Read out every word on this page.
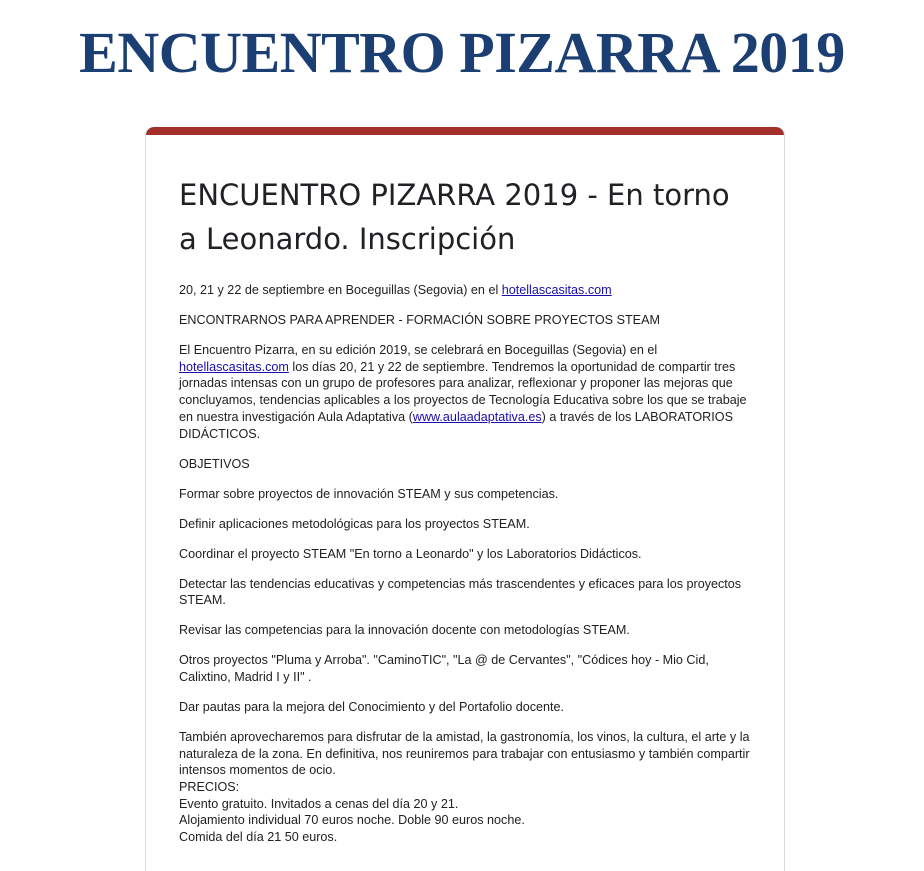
ENCUENTRO PIZARRA 2019
ENCUENTRO PIZARRA 2019 - En torno a Leonardo. Inscripción

20, 21 y 22 de septiembre en Boceguillas (Segovia) en el hotellascasitas.com

ENCONTRARNOS PARA APRENDER - FORMACIÓN SOBRE PROYECTOS STEAM

El Encuentro Pizarra, en su edición 2019, se celebrará en Boceguillas (Segovia) en el hotellascasitas.com los días 20, 21 y 22 de septiembre. Tendremos la oportunidad de compartir tres jornadas intensas con un grupo de profesores para analizar, reflexionar y proponer las mejoras que concluyamos, tendencias aplicables a los proyectos de Tecnología Educativa sobre los que se trabaje en nuestra investigación Aula Adaptativa (www.aulaadaptativa.es) a través de los LABORATORIOS DIDÁCTICOS.

OBJETIVOS

Formar sobre proyectos de innovación STEAM y sus competencias.

Definir aplicaciones metodológicas para los proyectos STEAM.

Coordinar el proyecto STEAM "En torno a Leonardo" y los Laboratorios Didácticos.

Detectar las tendencias educativas y competencias más trascendentes y eficaces para los proyectos STEAM.

Revisar las competencias para la innovación docente con metodologías STEAM.

Otros proyectos "Pluma y Arroba". "CaminoTIC", "La @ de Cervantes", "Códices hoy - Mio Cid, Calixtino, Madrid I y II" .

Dar pautas para la mejora del Conocimiento y del Portafolio docente.

También aprovecharemos para disfrutar de la amistad, la gastronomía, los vinos, la cultura, el arte y la naturaleza de la zona. En definitiva, nos reuniremos para trabajar con entusiasmo y también compartir intensos momentos de ocio.

PRECIOS:

Evento gratuito. Invitados a cenas del día 20 y 21.

Alojamiento individual 70 euros noche. Doble 90 euros noche.

Comida del día 21 50 euros.
